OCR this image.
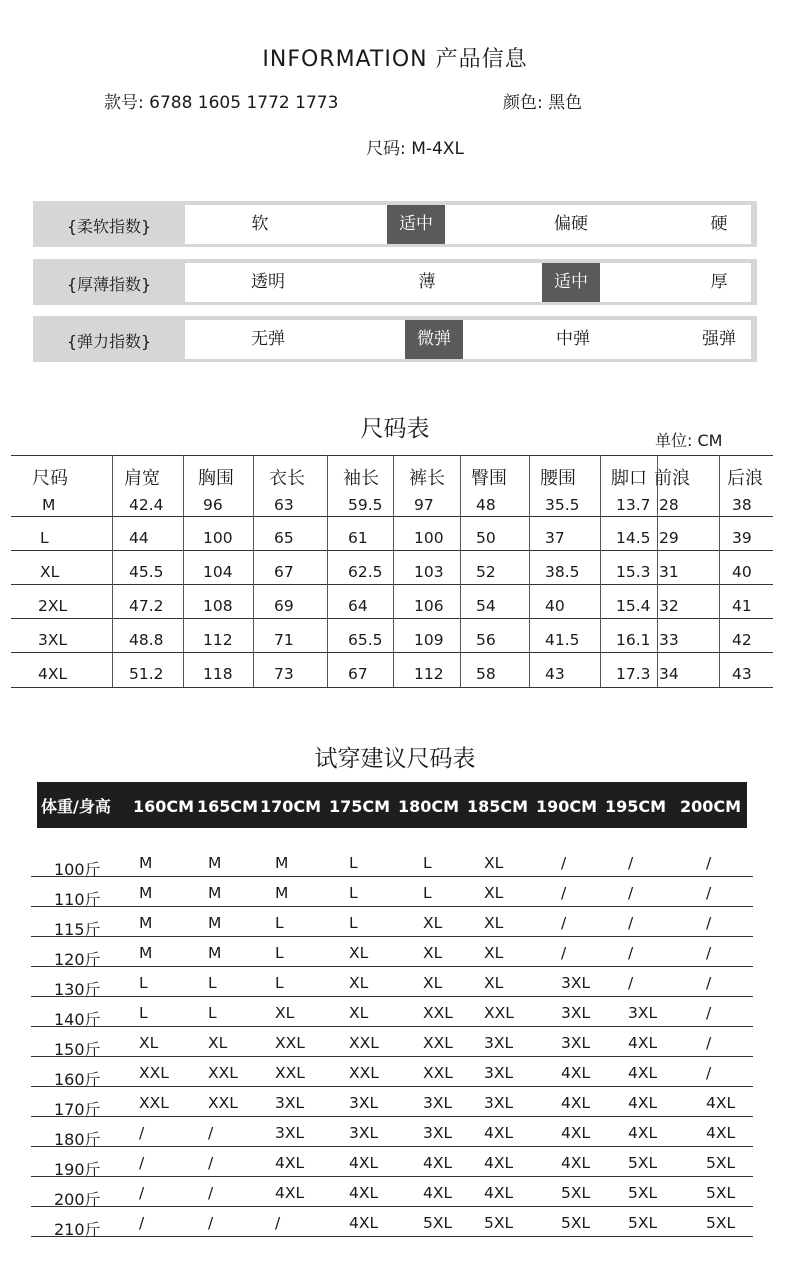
INFORMATION 产品信息
款号: 6788 1605 1772 1773	颜色: 黑色
尺码: M-4XL
{柔软指数}	软	适中	偏硬	硬
{厚薄指数}	透明	薄	适中	厚
{弹力指数}	无弹	微弹	中弹	强弹
尺码表	单位: CM
尺码	肩宽 胸围 衣长 袖长 裤长 臀围 腰围 脚口 前浪 后浪
M	42.4	96	63	59.5 97	48	35.5 13.7 28	38
L	44	100	65	61	100 50	37	14.5 29	39
XL	45.5	104	67	62.5 103 52	38.5 15.3 31	40
2XL	47.2	108	69	64	106 54	40	15.4 32	41
3XL	48.8	112	71	65.5 109 56	41.5 16.1 33	42
4XL	51.2	118	73	67	112 58	43	17.3 34	43
试穿建议尺码表
体重/身高 160CM 165CM 170CM 175CM 180CM 185CM 190CM 195CM 200CM
100斤 M	M	M	L	L	XL	/	/	/
110斤 M	M	M	L	L	XL	/	/	/
115斤 M	M	L	L	XL	XL	/	/	/
120斤 M	M	L	XL	XL	XL	/	/	/
130斤 L	L	L	XL	XL	XL	3XL /	/
140斤 L	L	XL	XL	XXL XXL	3XL 3XL	/
150斤 XL	XL	XXL	XXL	XXL 3XL	3XL 4XL	/
160斤 XXL	XXL XXL	XXL	XXL 3XL	4XL 4XL	/
170斤 XXL	XXL 3XL	3XL	3XL 3XL	4XL 4XL	4XL
180斤 /	/	3XL	3XL	3XL 4XL	4XL 4XL	4XL
190斤 /	/	4XL	4XL	4XL 4XL	4XL 5XL	5XL
200斤 /	/	4XL	4XL	4XL 4XL	5XL 5XL	5XL
210斤 /	/	/	4XL	5XL 5XL	5XL 5XL	5XL
